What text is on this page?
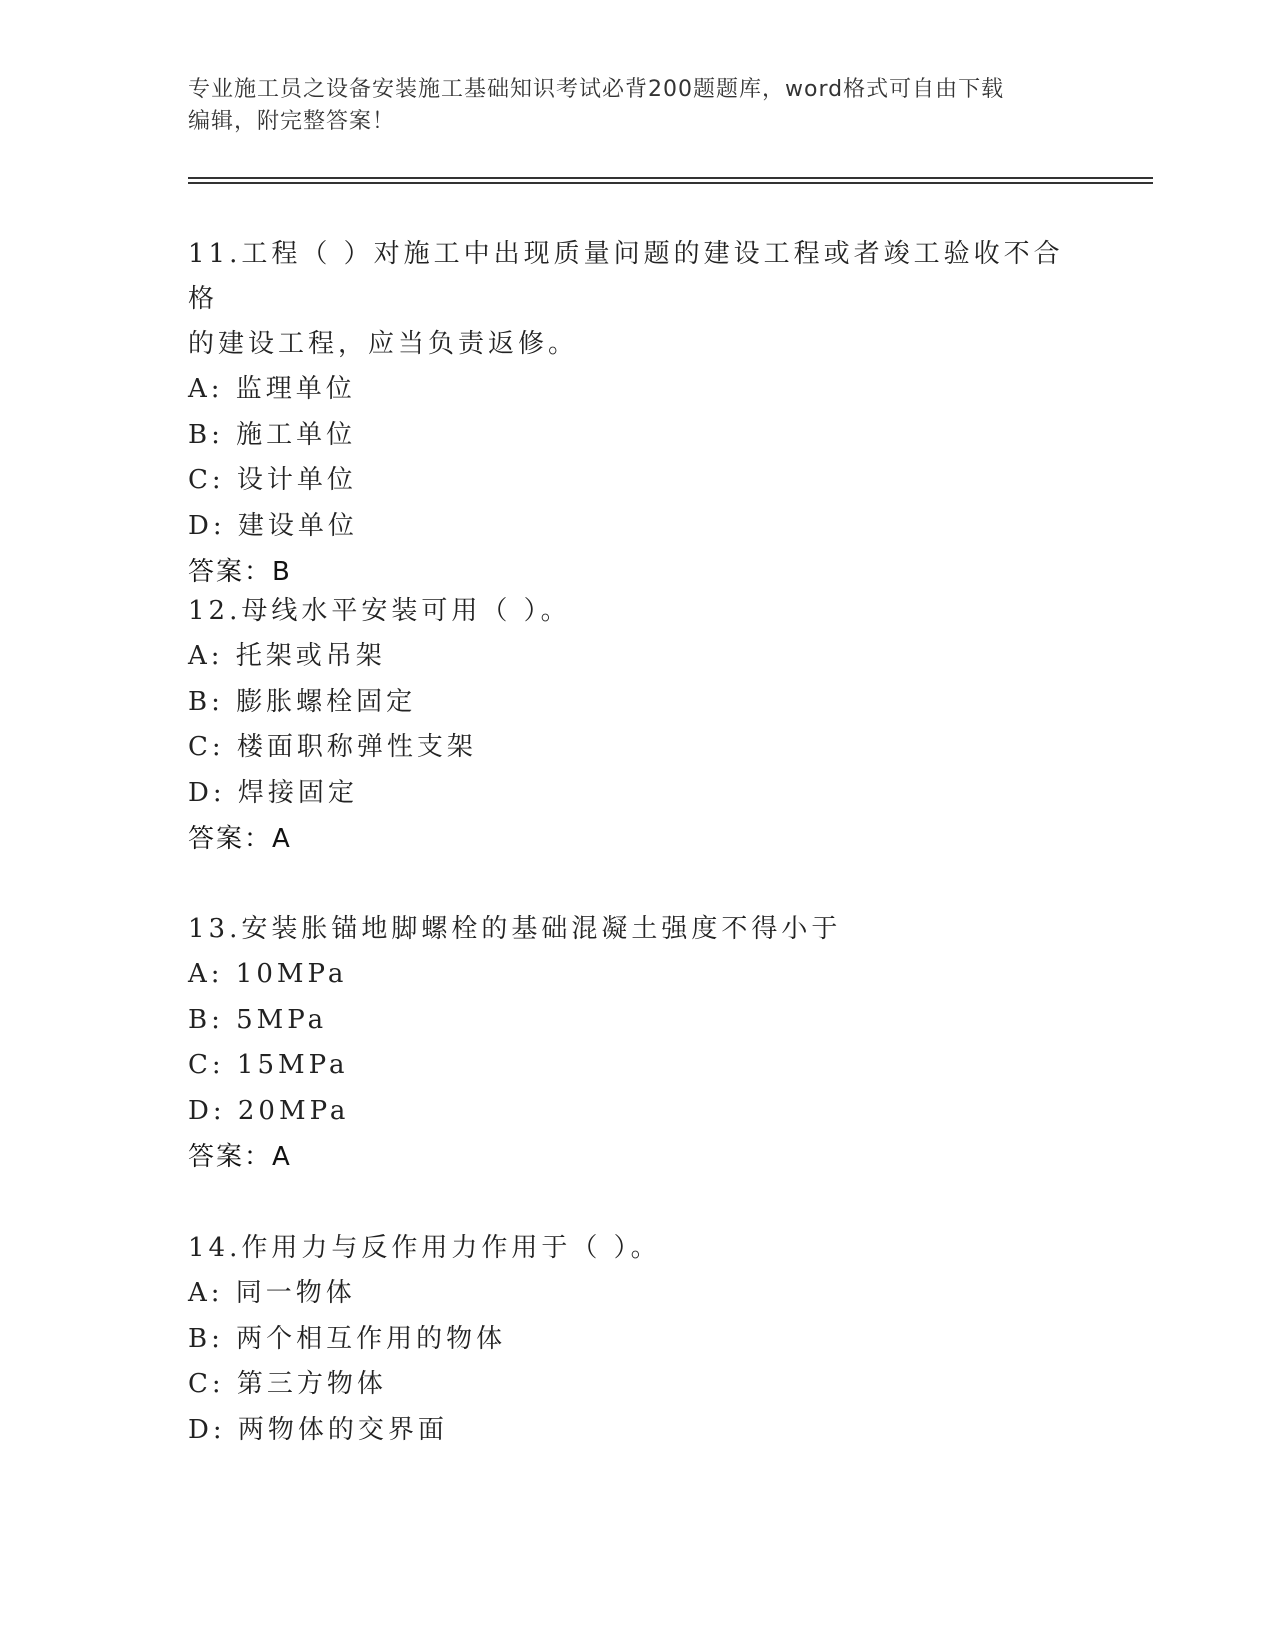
专业施工员之设备安装施工基础知识考试必背200题题库，word格式可自由下载

编辑，附完整答案！

11.工程（ ）对施工中出现质量问题的建设工程或者竣工验收不合格

的建设工程，应当负责返修。

A: 监理单位

B: 施工单位

C: 设计单位

D: 建设单位

答案：B

12.母线水平安装可用（ ）。

A: 托架或吊架

B: 膨胀螺栓固定

C: 楼面职称弹性支架

D: 焊接固定

答案：A

13.安装胀锚地脚螺栓的基础混凝土强度不得小于

A: 10MPa

B: 5MPa

C: 15MPa

D: 20MPa

答案：A

14.作用力与反作用力作用于（ ）。

A: 同一物体

B: 两个相互作用的物体

C: 第三方物体

D: 两物体的交界面
